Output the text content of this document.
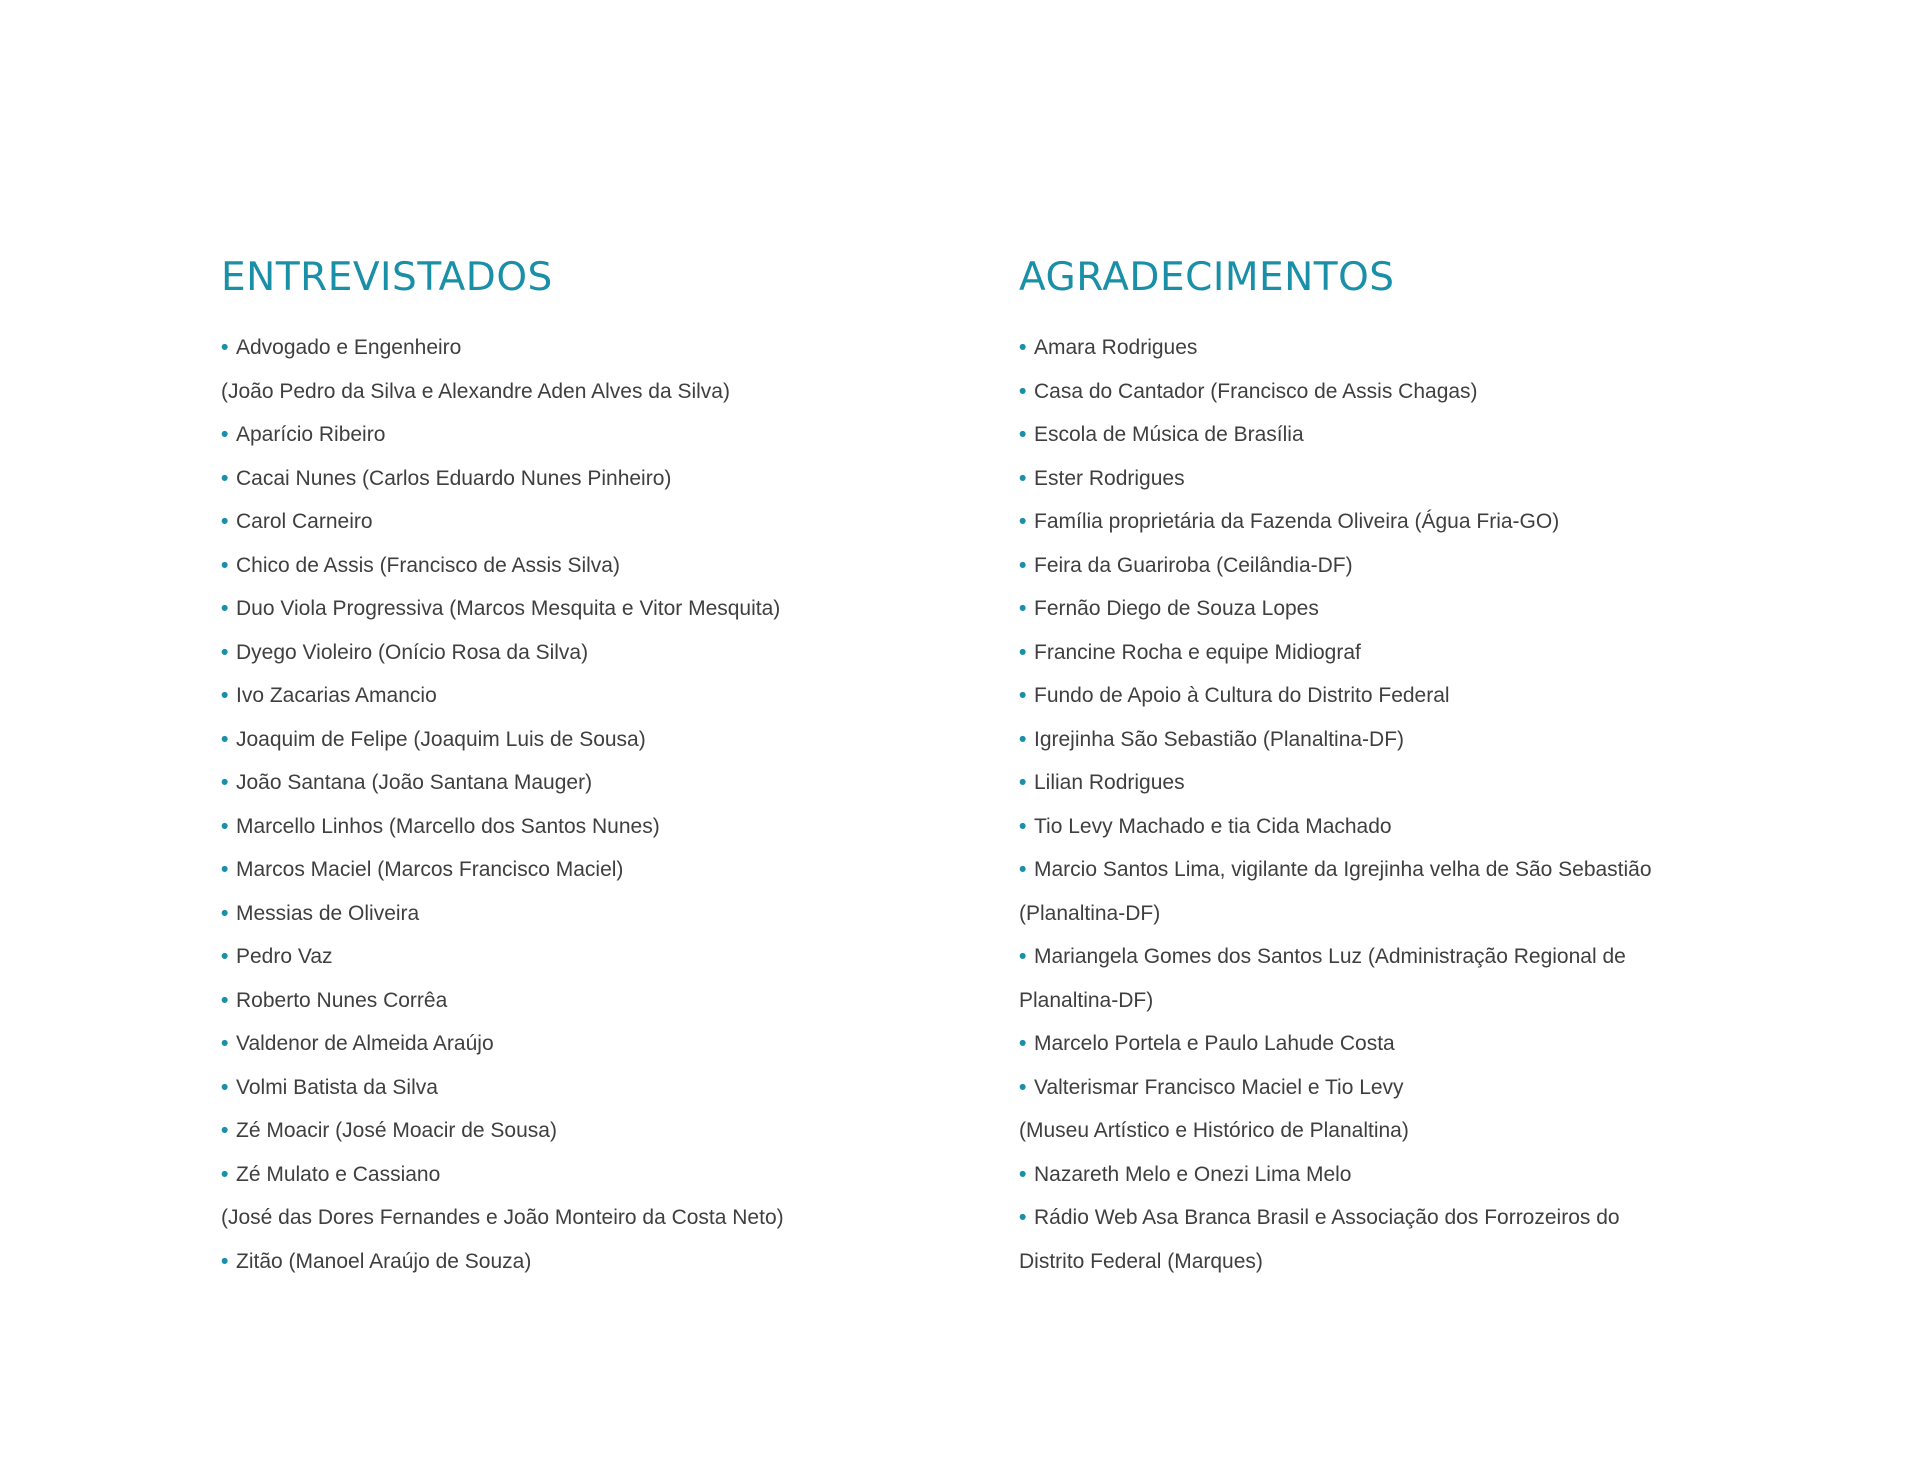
entrevistados
• Advogado e Engenheiro
(João Pedro da Silva e Alexandre Aden Alves da Silva)
• Aparício Ribeiro
• Cacai Nunes (Carlos Eduardo Nunes Pinheiro)
• Carol Carneiro
• Chico de Assis (Francisco de Assis Silva)
• Duo Viola Progressiva (Marcos Mesquita e Vitor Mesquita)
• Dyego Violeiro (Onício Rosa da Silva)
• Ivo Zacarias Amancio
• Joaquim de Felipe (Joaquim Luis de Sousa)
• João Santana (João Santana Mauger)
• Marcello Linhos (Marcello dos Santos Nunes)
• Marcos Maciel (Marcos Francisco Maciel)
• Messias de Oliveira
• Pedro Vaz
• Roberto Nunes Corrêa
• Valdenor de Almeida Araújo
• Volmi Batista da Silva
• Zé Moacir (José Moacir de Sousa)
• Zé Mulato e Cassiano
(José das Dores Fernandes e João Monteiro da Costa Neto)
• Zitão (Manoel Araújo de Souza)
agradecimentos
• Amara Rodrigues
• Casa do Cantador (Francisco de Assis Chagas)
• Escola de Música de Brasília
• Ester Rodrigues
• Família proprietária da Fazenda Oliveira (Água Fria-GO)
• Feira da Guariroba (Ceilândia-DF)
• Fernão Diego de Souza Lopes
• Francine Rocha e equipe Midiograf
• Fundo de Apoio à Cultura do Distrito Federal
• Igrejinha São Sebastião (Planaltina-DF)
• Lilian Rodrigues
• Tio Levy Machado e tia Cida Machado
• Marcio Santos Lima, vigilante da Igrejinha velha de São Sebastião
(Planaltina-DF)
• Mariangela Gomes dos Santos Luz (Administração Regional de
Planaltina-DF)
• Marcelo Portela e Paulo Lahude Costa
• Valterismar Francisco Maciel e Tio Levy
(Museu Artístico e Histórico de Planaltina)
• Nazareth Melo e Onezi Lima Melo
• Rádio Web Asa Branca Brasil e Associação dos Forrozeiros do
Distrito Federal (Marques)
